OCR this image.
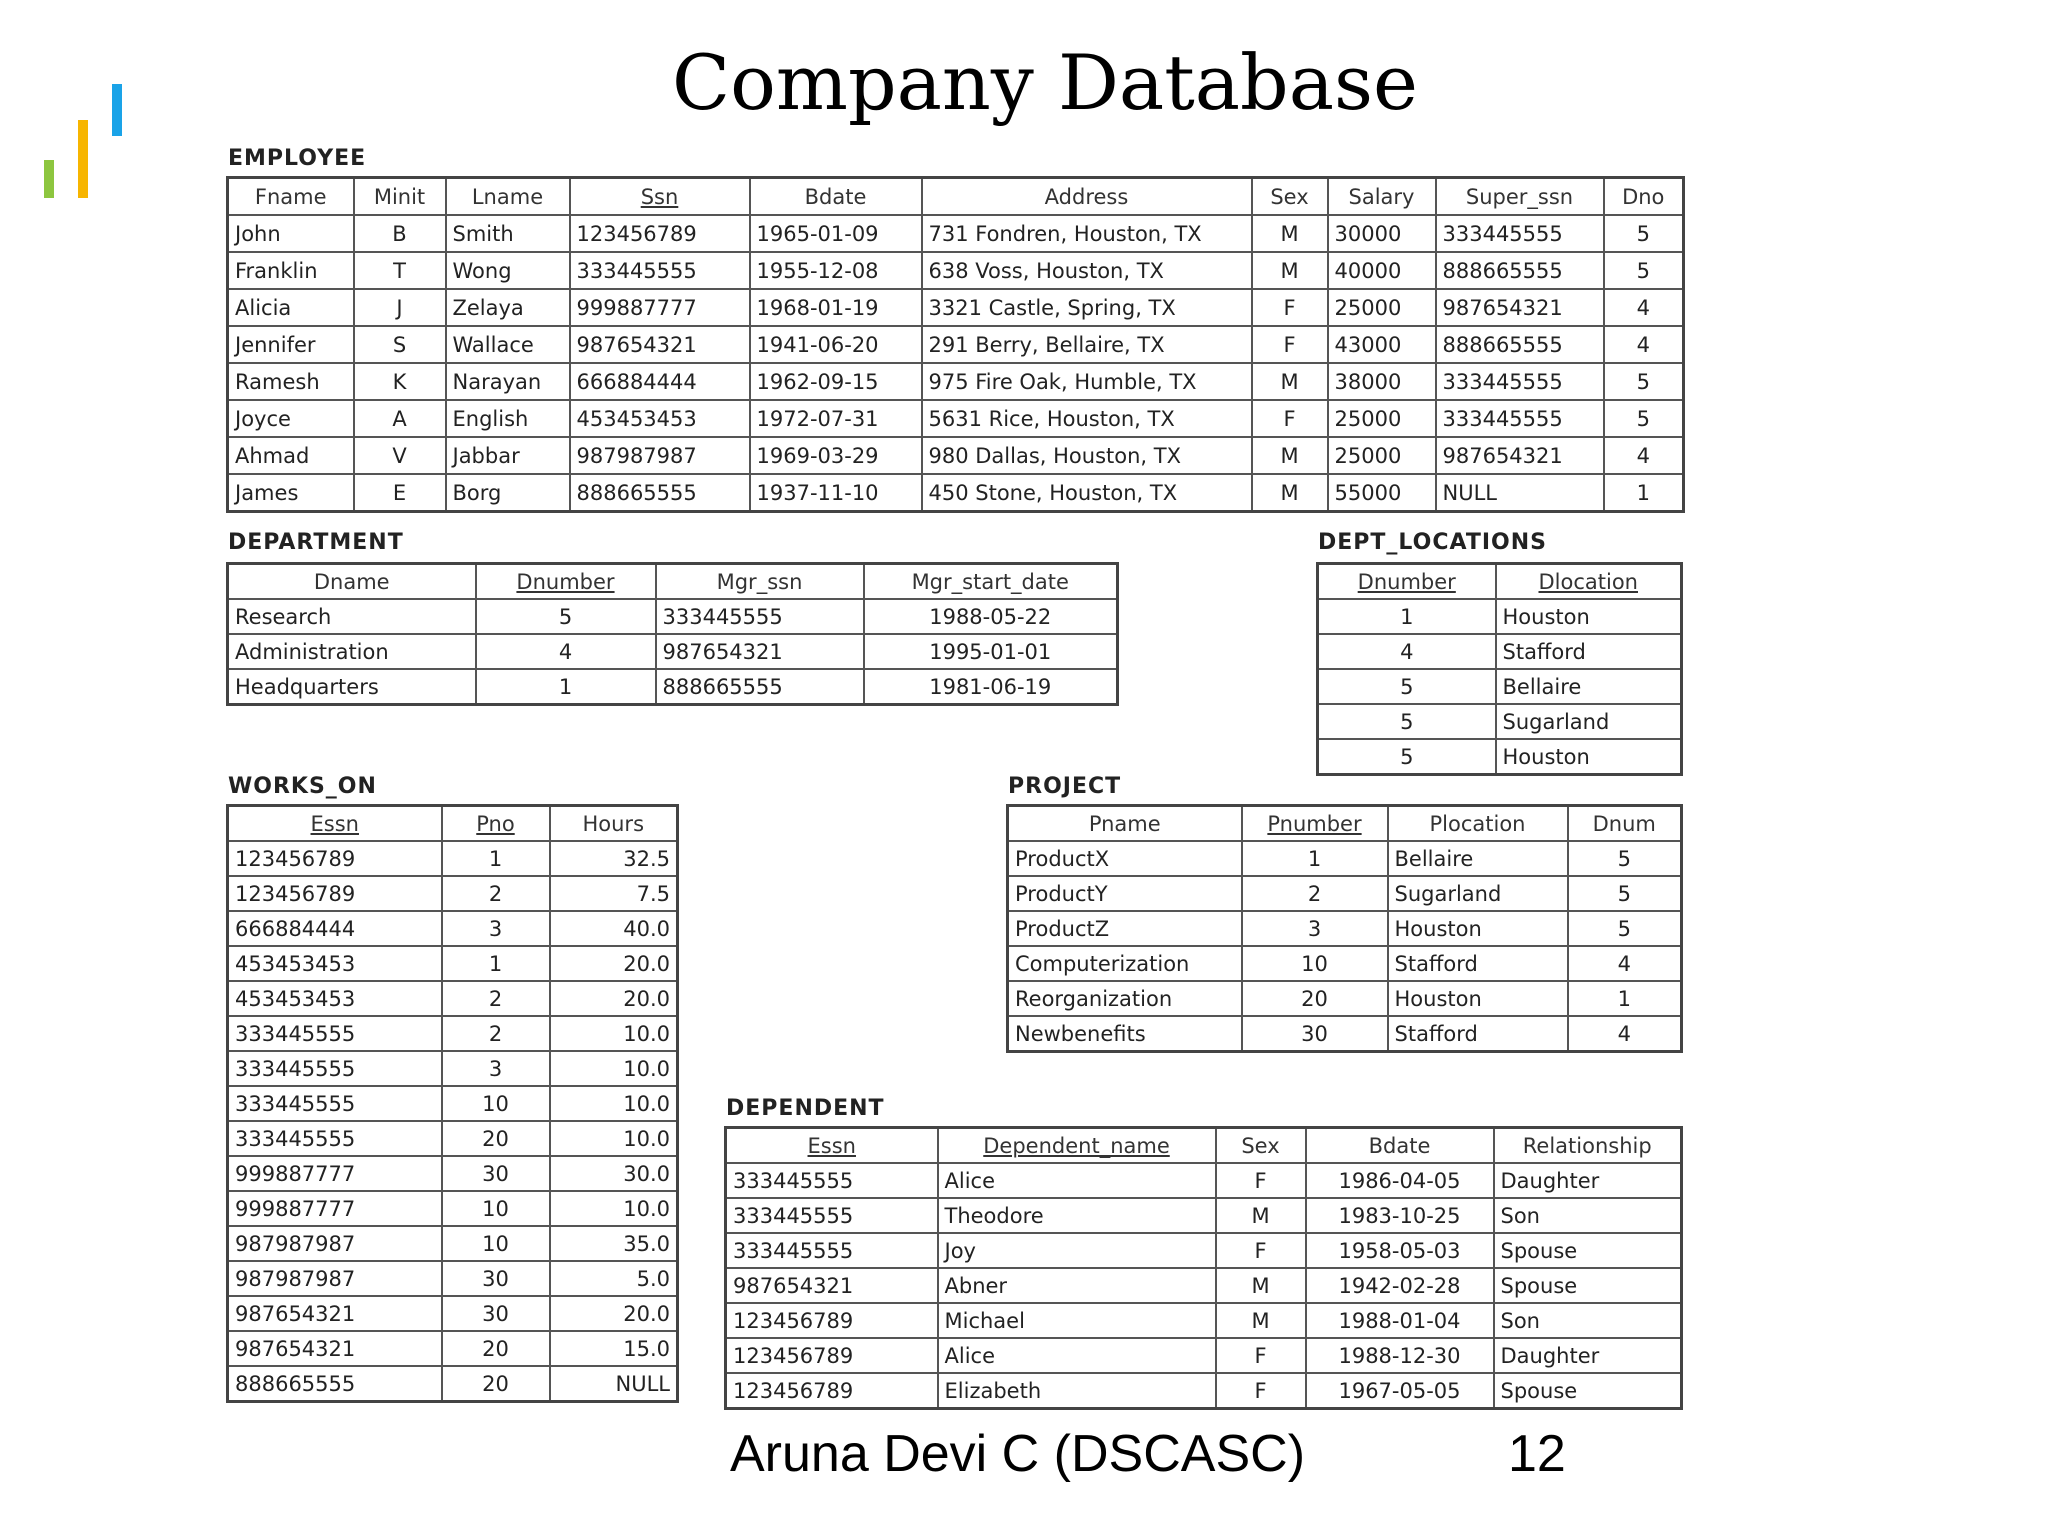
Company Database
EMPLOYEE
Fname	Minit	Lname	Ssn	Bdate	Address	Sex	Salary	Super_ssn	Dno
John	B	Smith	123456789	1965-01-09	731 Fondren, Houston, TX	M	30000	333445555	5
Franklin	T	Wong	333445555	1955-12-08	638 Voss, Houston, TX	M	40000	888665555	5
Alicia	J	Zelaya	999887777	1968-01-19	3321 Castle, Spring, TX	F	25000	987654321	4
Jennifer	S	Wallace	987654321	1941-06-20	291 Berry, Bellaire, TX	F	43000	888665555	4
Ramesh	K	Narayan	666884444	1962-09-15	975 Fire Oak, Humble, TX	M	38000	333445555	5
Joyce	A	English	453453453	1972-07-31	5631 Rice, Houston, TX	F	25000	333445555	5
Ahmad	V	Jabbar	987987987	1969-03-29	980 Dallas, Houston, TX	M	25000	987654321	4
James	E	Borg	888665555	1937-11-10	450 Stone, Houston, TX	M	55000	NULL	1
DEPARTMENT
Dname	Dnumber	Mgr_ssn	Mgr_start_date
Research	5	333445555	1988-05-22
Administration	4	987654321	1995-01-01
Headquarters	1	888665555	1981-06-19
DEPT_LOCATIONS
Dnumber	Dlocation
1	Houston
4	Stafford
5	Bellaire
5	Sugarland
5	Houston
WORKS_ON
Essn	Pno	Hours
123456789	1	32.5
123456789	2	7.5
666884444	3	40.0
453453453	1	20.0
453453453	2	20.0
333445555	2	10.0
333445555	3	10.0
333445555	10	10.0
333445555	20	10.0
999887777	30	30.0
999887777	10	10.0
987987987	10	35.0
987987987	30	5.0
987654321	30	20.0
987654321	20	15.0
888665555	20	NULL
PROJECT
Pname	Pnumber	Plocation	Dnum
ProductX	1	Bellaire	5
ProductY	2	Sugarland	5
ProductZ	3	Houston	5
Computerization	10	Stafford	4
Reorganization	20	Houston	1
Newbenefits	30	Stafford	4
DEPENDENT
Essn	Dependent_name	Sex	Bdate	Relationship
333445555	Alice	F	1986-04-05	Daughter
333445555	Theodore	M	1983-10-25	Son
333445555	Joy	F	1958-05-03	Spouse
987654321	Abner	M	1942-02-28	Spouse
123456789	Michael	M	1988-01-04	Son
123456789	Alice	F	1988-12-30	Daughter
123456789	Elizabeth	F	1967-05-05	Spouse
Aruna Devi C (DSCASC)	12
